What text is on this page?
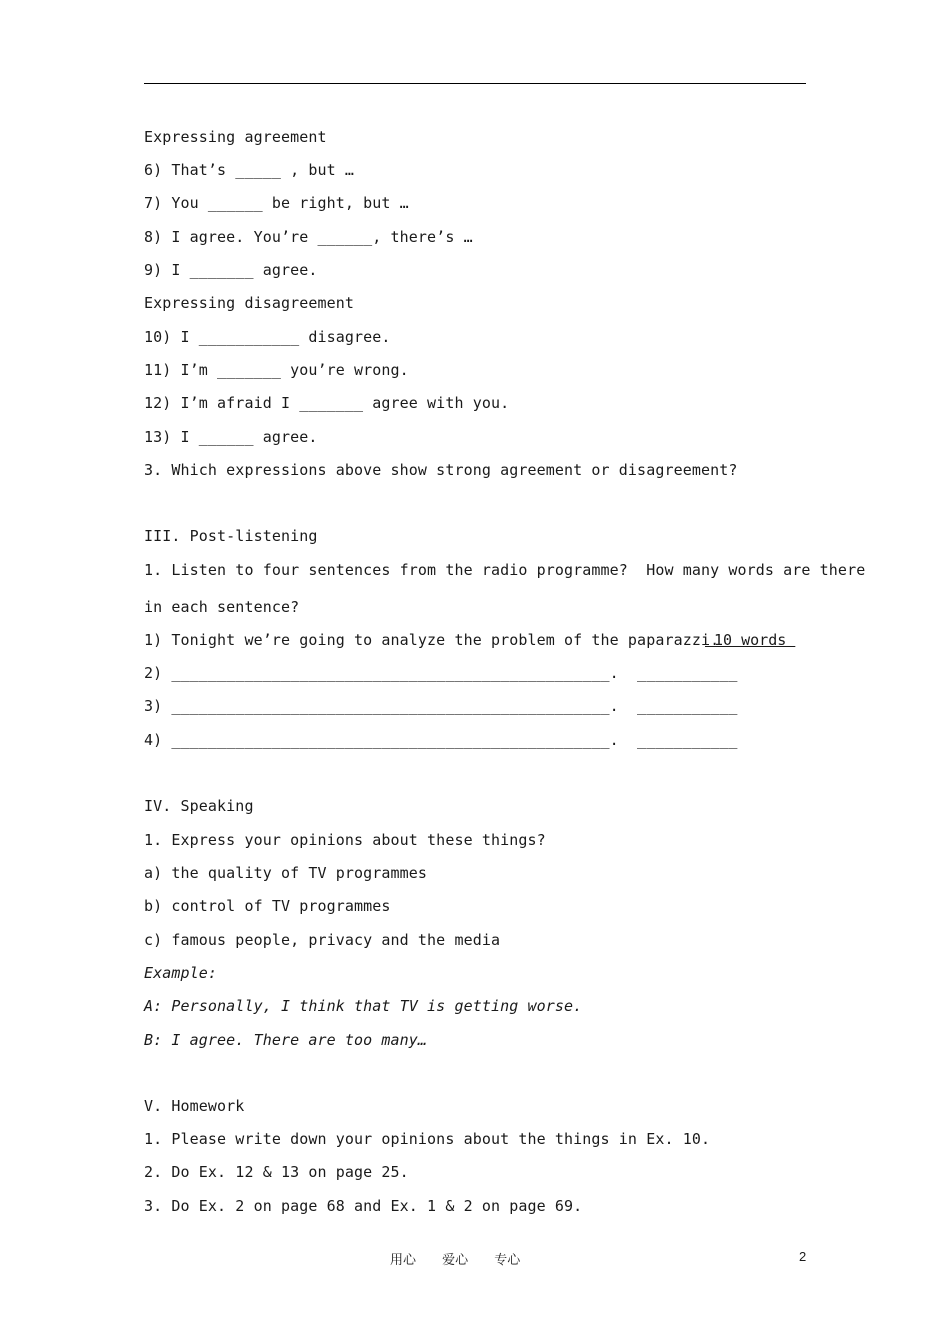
Expressing agreement
6) That’s _____ , but …
7) You ______ be right, but …
8) I agree. You’re ______, there’s …
9) I _______ agree.
Expressing disagreement
10) I ___________ disagree.
11) I’m _______ you’re wrong.
12) I’m afraid I _______ agree with you.
13) I ______ agree.
3. Which expressions above show strong agreement or disagreement?
III. Post-listening
1. Listen to four sentences from the radio programme?  How many words are there
in each sentence?
1) Tonight we’re going to analyze the problem of the paparazzi.
10 words
2) ________________________________________________.  ___________
3) ________________________________________________.  ___________
4) ________________________________________________.  ___________
IV. Speaking
1. Express your opinions about these things?
a) the quality of TV programmes
b) control of TV programmes
c) famous people, privacy and the media
Example:
A: Personally, I think that TV is getting worse.
B: I agree. There are too many…
V. Homework
1. Please write down your opinions about the things in Ex. 10.
2. Do Ex. 12 & 13 on page 25.
3. Do Ex. 2 on page 68 and Ex. 1 & 2 on page 69.
用心 爱心 专心	2
